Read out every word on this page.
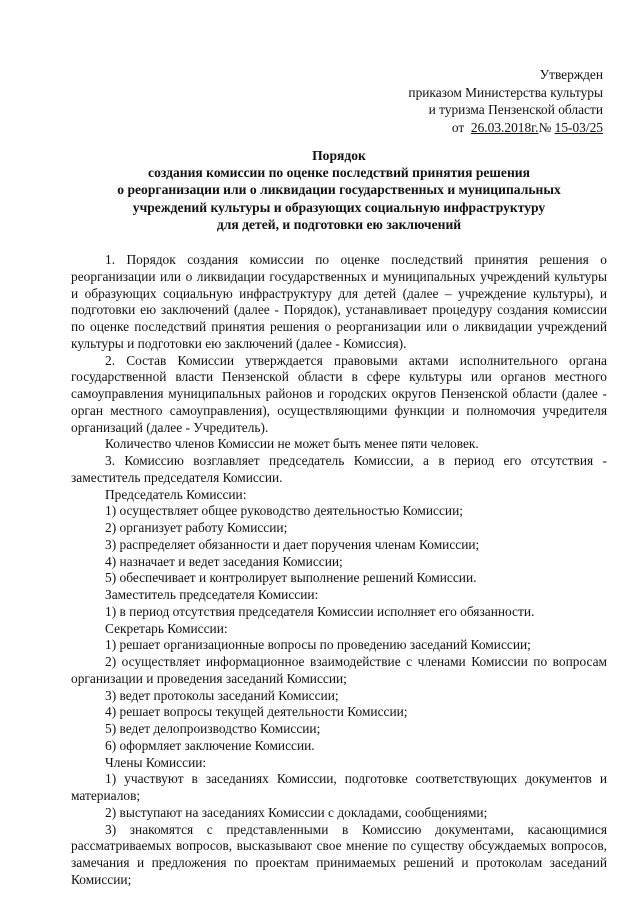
Утвержден
приказом Министерства культуры
и туризма Пензенской области
от 26.03.2018г.№ 15-03/25
Порядок
создания комиссии по оценке последствий принятия решения
о реорганизации или о ликвидации государственных и муниципальных
учреждений культуры и образующих социальную инфраструктуру
для детей, и подготовки ею заключений

1. Порядок создания комиссии по оценке последствий принятия решения о реорганизации или о ликвидации государственных и муниципальных учреждений культуры и образующих социальную инфраструктуру для детей (далее – учреждение культуры), и подготовки ею заключений (далее - Порядок), устанавливает процедуру создания комиссии по оценке последствий принятия решения о реорганизации или о ликвидации учреждений культуры и подготовки ею заключений (далее - Комиссия).

2. Состав Комиссии утверждается правовыми актами исполнительного органа государственной власти Пензенской области в сфере культуры или органов местного самоуправления муниципальных районов и городских округов Пензенской области (далее - орган местного самоуправления), осуществляющими функции и полномочия учредителя организаций (далее - Учредитель).

Количество членов Комиссии не может быть менее пяти человек.

3. Комиссию возглавляет председатель Комиссии, а в период его отсутствия - заместитель председателя Комиссии.

Председатель Комиссии:

1) осуществляет общее руководство деятельностью Комиссии;

2) организует работу Комиссии;

3) распределяет обязанности и дает поручения членам Комиссии;

4) назначает и ведет заседания Комиссии;

5) обеспечивает и контролирует выполнение решений Комиссии.

Заместитель председателя Комиссии:

1) в период отсутствия председателя Комиссии исполняет его обязанности.

Секретарь Комиссии:

1) решает организационные вопросы по проведению заседаний Комиссии;

2) осуществляет информационное взаимодействие с членами Комиссии по вопросам организации и проведения заседаний Комиссии;

3) ведет протоколы заседаний Комиссии;

4) решает вопросы текущей деятельности Комиссии;

5) ведет делопроизводство Комиссии;

6) оформляет заключение Комиссии.

Члены Комиссии:

1) участвуют в заседаниях Комиссии, подготовке соответствующих документов и материалов;

2) выступают на заседаниях Комиссии с докладами, сообщениями;

3) знакомятся с представленными в Комиссию документами, касающимися рассматриваемых вопросов, высказывают свое мнение по существу обсуждаемых вопросов, замечания и предложения по проектам принимаемых решений и протоколам заседаний Комиссии;
